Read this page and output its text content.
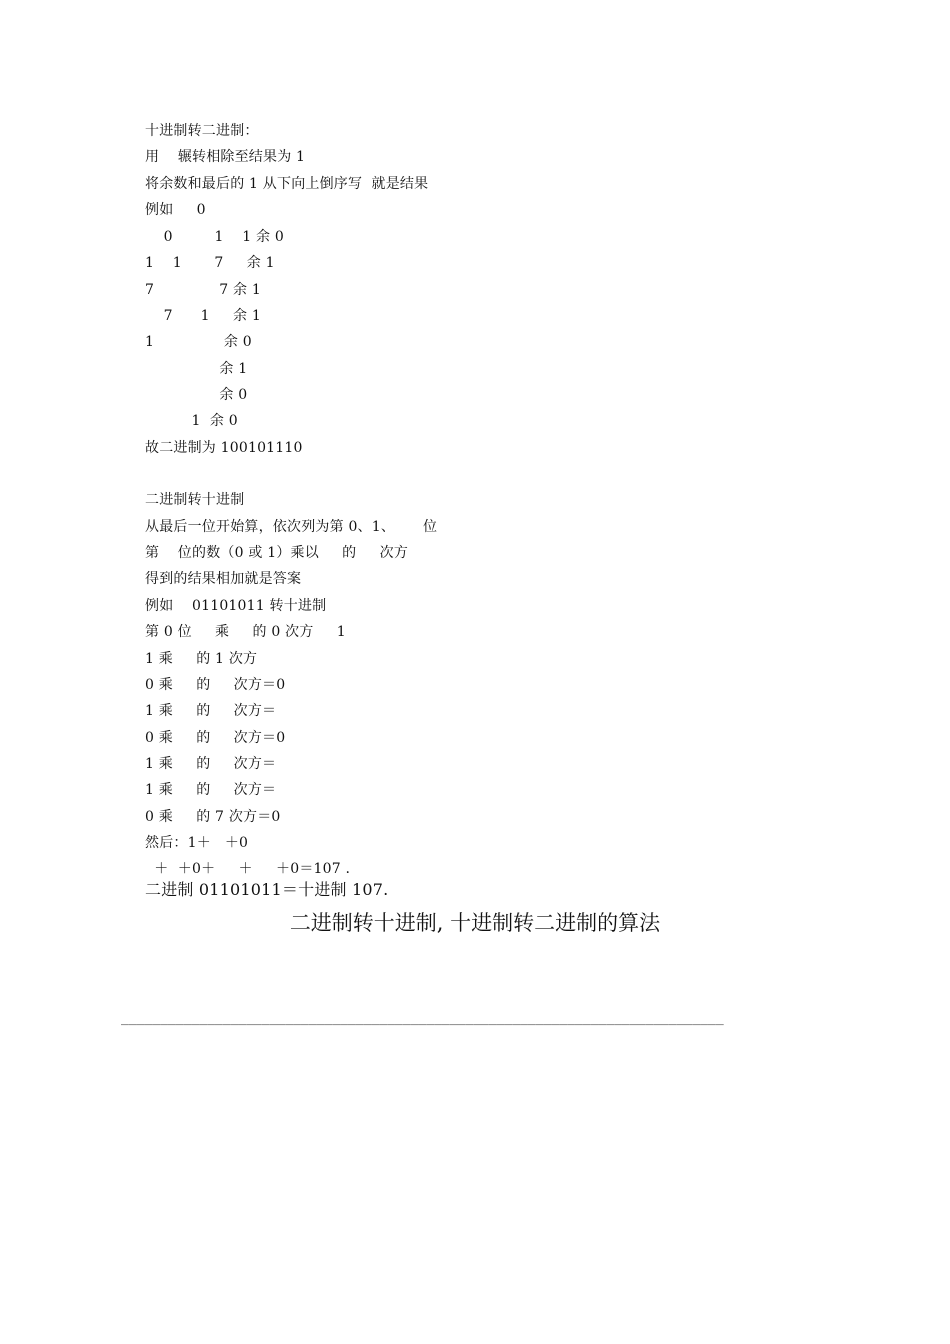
十进制转二进制：
用    辗转相除至结果为 1
将余数和最后的 1 从下向上倒序写  就是结果
例如     0
0         1    1 余 0
1    1       7     余 1
7              7 余 1
7      1     余 1
1               余 0
余 1
余 0
1  余 0
故二进制为 100101110
二进制转十进制
从最后一位开始算，依次列为第 0、1、      位
第    位的数（0 或 1）乘以     的     次方
得到的结果相加就是答案
例如    01101011 转十进制
第 0 位     乘     的 0 次方     1
1 乘     的 1 次方
0 乘     的     次方＝0
1 乘     的     次方＝
0 乘     的     次方＝0
1 乘     的     次方＝
1 乘     的     次方＝
0 乘     的 7 次方＝0
然后：1＋   ＋0
＋  ＋0＋     ＋     ＋0＝107 .
二进制 01101011＝十进制 107.
二进制转十进制, 十进制转二进制的算法
_____________________________________________________________________________
